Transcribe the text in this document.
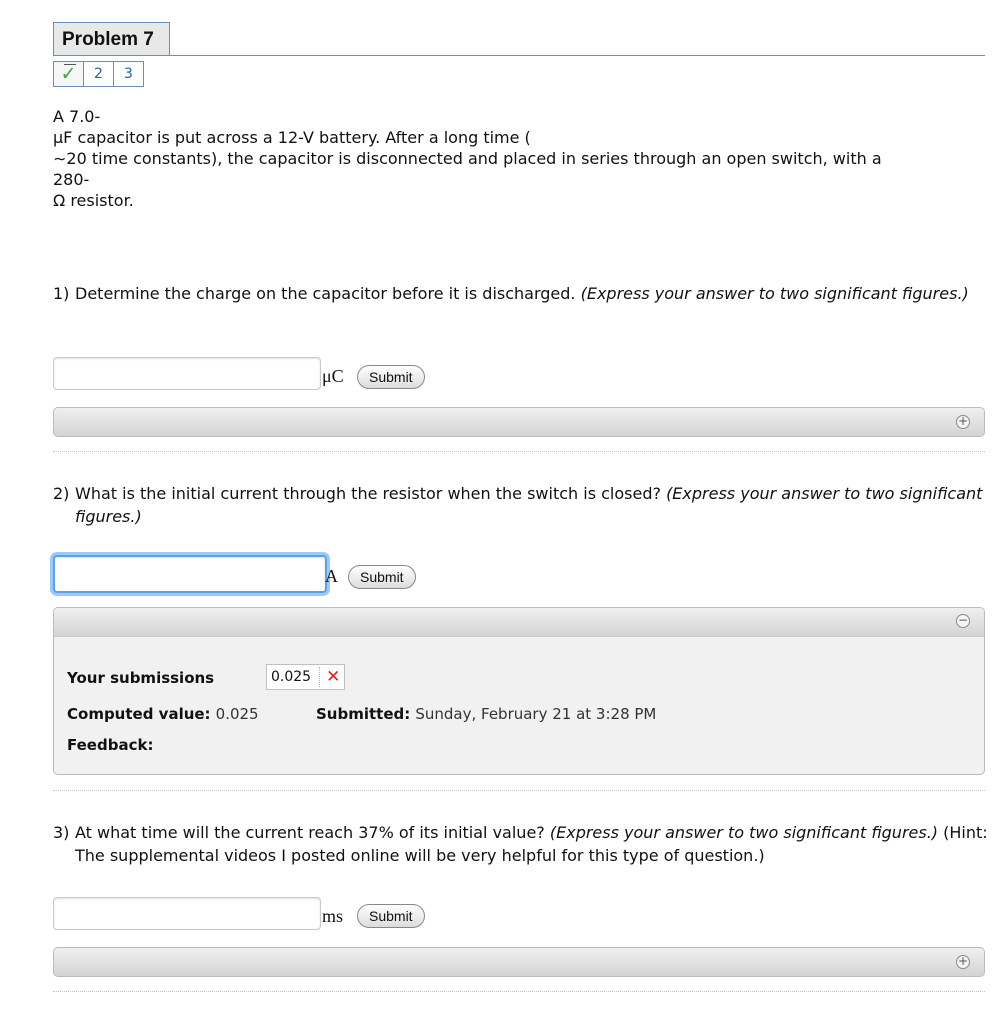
Problem 7
✓	2	3

A 7.0-

μF capacitor is put across a 12-V battery. After a long time (

∼20 time constants), the capacitor is disconnected and placed in series through an open switch, with a

280-

Ω resistor.

1) Determine the charge on the capacitor before it is discharged. (Express your answer to two significant figures.)
μC	Submit
+
2) What is the initial current through the resistor when the switch is closed? (Express your answer to two significant figures.)
A	Submit
−
Your submissions	0.025 ✕
Computed value: 0.025	Submitted: Sunday, February 21 at 3:28 PM
Feedback:
3) At what time will the current reach 37% of its initial value? (Express your answer to two significant figures.) (Hint: The supplemental videos I posted online will be very helpful for this type of question.)
ms	Submit
+
